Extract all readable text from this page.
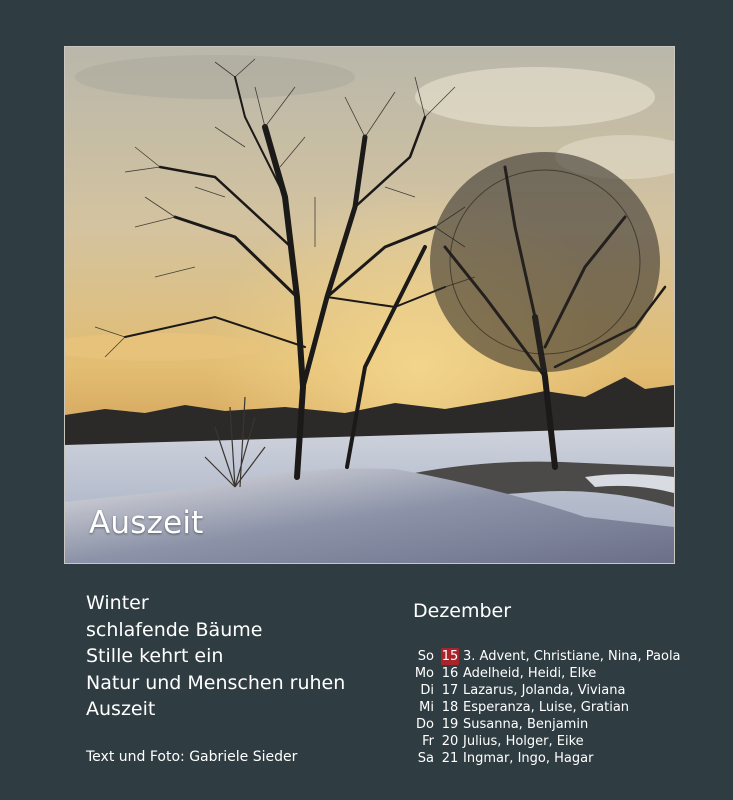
Auszeit
Winter
schlafende Bäume
Stille kehrt ein
Natur und Menschen ruhen
Auszeit
Text und Foto: Gabriele Sieder
Dezember
So 15 3. Advent, Christiane, Nina, Paola
Mo 16 Adelheid, Heidi, Elke
Di 17 Lazarus, Jolanda, Viviana
Mi 18 Esperanza, Luise, Gratian
Do 19 Susanna, Benjamin
Fr 20 Julius, Holger, Eike
Sa 21 Ingmar, Ingo, Hagar
